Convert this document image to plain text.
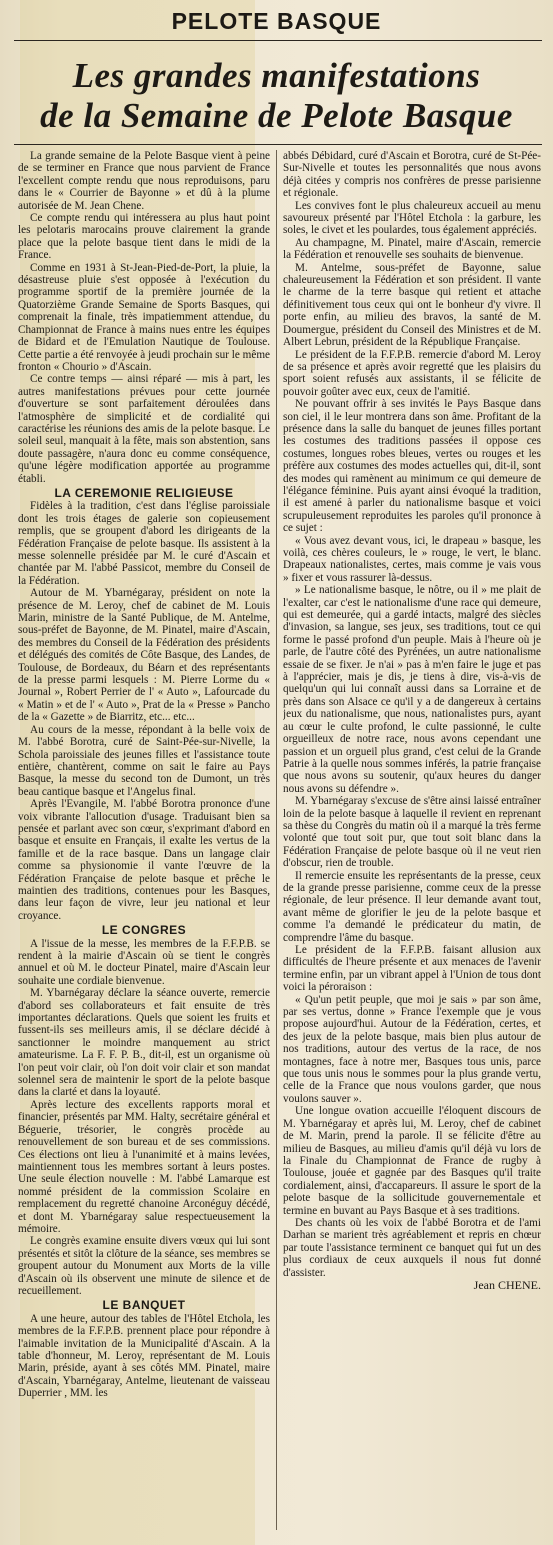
PELOTE BASQUE
Les grandes manifestations
de la Semaine de Pelote Basque

La grande semaine de la Pelote Basque vient à peine de se terminer en France que nous parvient de France l'excellent compte rendu que nous reproduisons, paru dans le « Courrier de Bayonne » et dû à la plume autorisée de M. Jean Chene.

Ce compte rendu qui intéressera au plus haut point les pelotaris marocains prouve clairement la grande place que la pelote basque tient dans le midi de la France.

Comme en 1931 à St-Jean-Pied-de-Port, la pluie, la désastreuse pluie s'est opposée à l'exécution du programme sportif de la première journée de la Quatorzième Grande Semaine de Sports Basques, qui comprenait la finale, très impatiemment attendue, du Championnat de France à mains nues entre les équipes de Bidard et de l'Emulation Nautique de Toulouse. Cette partie a été renvoyée à jeudi prochain sur le même fronton « Chourio » d'Ascain.

Ce contre temps — ainsi réparé — mis à part, les autres manifestations prévues pour cette journée d'ouverture se sont parfaitement déroulées dans l'atmosphère de simplicité et de cordialité qui caractérise les réunions des amis de la pelote basque. Le soleil seul, manquait à la fête, mais son abstention, sans doute passagère, n'aura donc eu comme conséquence, qu'une légère modification apportée au programme établi.

LA CEREMONIE RELIGIEUSE

Fidèles à la tradition, c'est dans l'église paroissiale dont les trois étages de galerie son copieusement remplis, que se groupent d'abord les dirigeants de la Fédération Française de pelote basque. Ils assistent à la messe solennelle présidée par M. le curé d'Ascain et chantée par M. l'abbé Passicot, membre du Conseil de la Fédération.

Autour de M. Ybarnégaray, président on note la présence de M. Leroy, chef de cabinet de M. Louis Marin, ministre de la Santé Publique, de M. Antelme, sous-préfet de Bayonne, de M. Pinatel, maire d'Ascain, des membres du Conseil de la Fédération des présidents et délégués des comités de Côte Basque, des Landes, de Toulouse, de Bordeaux, du Béarn et des représentants de la presse parmi lesquels : M. Pierre Lorme du « Journal », Robert Perrier de l' « Auto », Lafourcade du « Matin » et de l' « Auto », Prat de la « Presse » Pancho de la « Gazette » de Biarritz, etc... etc...

Au cours de la messe, répondant à la belle voix de M. l'abbé Borotra, curé de Saint-Pée-sur-Nivelle, la Schola paroissiale des jeunes filles et l'assistance toute entière, chantèrent, comme on sait le faire au Pays Basque, la messe du second ton de Dumont, un très beau cantique basque et l'Angelus final.

Après l'Evangile, M. l'abbé Borotra prononce d'une voix vibrante l'allocution d'usage. Traduisant bien sa pensée et parlant avec son cœur, s'exprimant d'abord en basque et ensuite en Français, il exalte les vertus de la famille et de la race basque. Dans un langage clair comme sa physionomie il vante l'œuvre de la Fédération Française de pelote basque et prêche le maintien des traditions, contenues pour les Basques, dans leur façon de vivre, leur jeu national et leur croyance.

LE CONGRES

A l'issue de la messe, les membres de la F.F.P.B. se rendent à la mairie d'Ascain où se tient le congrès annuel et où M. le docteur Pinatel, maire d'Ascain leur souhaite une cordiale bienvenue.

M. Ybarnégaray déclare la séance ouverte, remercie d'abord ses collaborateurs et fait ensuite de très importantes déclarations. Quels que soient les fruits et fussent-ils ses meilleurs amis, il se déclare décidé à sanctionner le moindre manquement au strict amateurisme. La F. F. P. B., dit-il, est un organisme où l'on peut voir clair, où l'on doit voir clair et son mandat solennel sera de maintenir le sport de la pelote basque dans la clarté et dans la loyauté.

Après lecture des excellents rapports moral et financier, présentés par MM. Halty, secrétaire général et Béguerie, trésorier, le congrès procède au renouvellement de son bureau et de ses commissions. Ces élections ont lieu à l'unanimité et à mains levées, maintiennent tous les membres sortant à leurs postes. Une seule élection nouvelle : M. l'abbé Lamarque est nommé président de la commission Scolaire en remplacement du regretté chanoine Arconéguy décédé, et dont M. Ybarnégaray salue respectueusement la mémoire.

Le congrès examine ensuite divers vœux qui lui sont présentés et sitôt la clôture de la séance, ses membres se groupent autour du Monument aux Morts de la ville d'Ascain où ils observent une minute de silence et de recueillement.

LE BANQUET

A une heure, autour des tables de l'Hôtel Etchola, les membres de la F.F.P.B. prennent place pour répondre à l'aimable invitation de la Municipalité d'Ascain. A la table d'honneur, M. Leroy, représentant de M. Louis Marin, préside, ayant à ses côtés MM. Pinatel, maire d'Ascain, Ybarnégaray, Antelme, lieutenant de vaisseau Duperrier , MM. les

abbés Débidard, curé d'Ascain et Borotra, curé de St-Pée-Sur-Nivelle et toutes les personnalités que nous avons déjà citées y compris nos confrères de presse parisienne et régionale.

Les convives font le plus chaleureux accueil au menu savoureux présenté par l'Hôtel Etchola : la garbure, les soles, le civet et les poulardes, tous également appréciés.

Au champagne, M. Pinatel, maire d'Ascain, remercie la Fédération et renouvelle ses souhaits de bienvenue.

M. Antelme, sous-préfet de Bayonne, salue chaleureusement la Fédération et son président. Il vante le charme de la terre basque qui retient et attache définitivement tous ceux qui ont le bonheur d'y vivre. Il porte enfin, au milieu des bravos, la santé de M. Doumergue, président du Conseil des Ministres et de M. Albert Lebrun, président de la République Française.

Le président de la F.F.P.B. remercie d'abord M. Leroy de sa présence et après avoir regretté que les plaisirs du sport soient refusés aux assistants, il se félicite de pouvoir goûter avec eux, ceux de l'amitié.

Ne pouvant offrir à ses invités le Pays Basque dans son ciel, il le leur montrera dans son âme. Profitant de la présence dans la salle du banquet de jeunes filles portant les costumes des traditions passées il oppose ces costumes, longues robes bleues, vertes ou rouges et les préfère aux costumes des modes actuelles qui, dit-il, sont des modes qui ramènent au minimum ce qui demeure de l'élégance féminine. Puis ayant ainsi évoqué la tradition, il est amené à parler du nationalisme basque et voici scrupuleusement reproduites les paroles qu'il prononce à ce sujet :

« Vous avez devant vous, ici, le drapeau » basque, les voilà, ces chères couleurs, le » rouge, le vert, le blanc. Drapeaux nationalistes, certes, mais comme je vais vous » fixer et vous rassurer là-dessus.

» Le nationalisme basque, le nôtre, ou il » me plait de l'exalter, car c'est le nationalisme d'une race qui demeure, qui est demeurée, qui a gardé intacts, malgré des siècles d'invasion, sa langue, ses jeux, ses traditions, tout ce qui forme le passé profond d'un peuple. Mais à l'heure où je parle, de l'autre côté des Pyrénées, un autre nationalisme essaie de se fixer. Je n'ai » pas à m'en faire le juge et pas à l'apprécier, mais je dis, je tiens à dire, vis-à-vis de quelqu'un qui lui connaît aussi dans sa Lorraine et de près dans son Alsace ce qu'il y a de dangereux à certains jeux du nationalisme, que nous, nationalistes purs, ayant au cœur le culte profond, le culte passionné, le culte orgueilleux de notre race, nous avons cependant une passion et un orgueil plus grand, c'est celui de la Grande Patrie à la quelle nous sommes inférés, la patrie française que nous avons su soutenir, qu'aux heures du danger nous avons su défendre ».

M. Ybarnégaray s'excuse de s'être ainsi laissé entraîner loin de la pelote basque à laquelle il revient en reprenant sa thèse du Congrès du matin où il a marqué la très ferme volonté que tout soit pur, que tout soit blanc dans la Fédération Française de pelote basque où il ne veut rien d'obscur, rien de trouble.

Il remercie ensuite les représentants de la presse, ceux de la grande presse parisienne, comme ceux de la presse régionale, de leur présence. Il leur demande avant tout, avant même de glorifier le jeu de la pelote basque et comme l'a demandé le prédicateur du matin, de comprendre l'âme du basque.

Le président de la F.F.P.B. faisant allusion aux difficultés de l'heure présente et aux menaces de l'avenir termine enfin, par un vibrant appel à l'Union de tous dont voici la péroraison :

« Qu'un petit peuple, que moi je sais » par son âme, par ses vertus, donne » France l'exemple que je vous propose aujourd'hui. Autour de la Fédération, certes, et des jeux de la pelote basque, mais bien plus autour de nos traditions, autour des vertus de la race, de nos montagnes, face à notre mer, Basques tous unis, parce que tous unis nous le sommes pour la plus grande vertu, celle de la France que nous voulons garder, que nous voulons sauver ».

Une longue ovation accueille l'éloquent discours de M. Ybarnégaray et après lui, M. Leroy, chef de cabinet de M. Marin, prend la parole. Il se félicite d'être au milieu de Basques, au milieu d'amis qu'il déjà vu lors de la Finale du Championnat de France de rugby à Toulouse, jouée et gagnée par des Basques qu'il traite cordialement, ainsi, d'accapareurs. Il assure le sport de la pelote basque de la sollicitude gouvernementale et termine en buvant au Pays Basque et à ses traditions.

Des chants où les voix de l'abbé Borotra et de l'ami Darhan se marient très agréablement et repris en chœur par toute l'assistance terminent ce banquet qui fut un des plus cordiaux de ceux auxquels il nous fut donné d'assister.

Jean CHENE.
